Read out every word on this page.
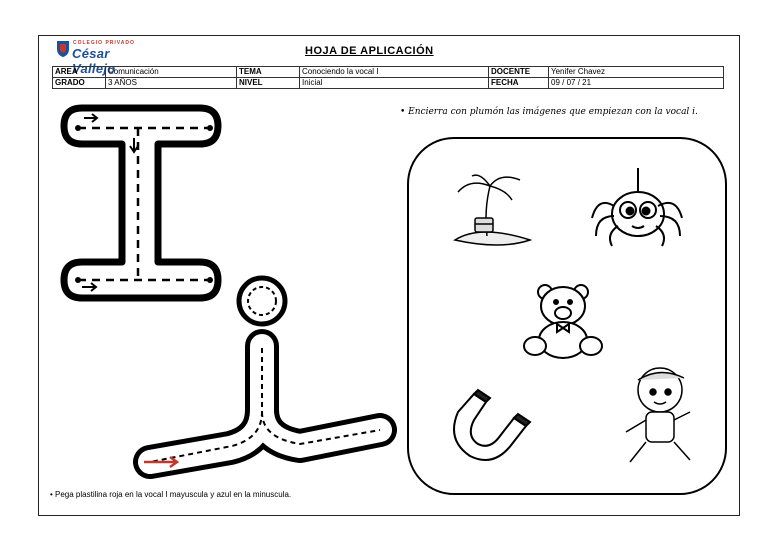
COLEGIO PRIVADO
César Vallejo
HOJA DE APLICACIÓN
AREA	Comunicación	TEMA	Conociendo la vocal I	DOCENTE	Yenifer Chavez
GRADO	3 AÑOS	NIVEL	Inicial	FECHA	09 / 07 / 21
• Encierra con plumón las imágenes que empiezan con la vocal i.
• Pega plastilina roja en la vocal I mayuscula y azul en la minuscula.
